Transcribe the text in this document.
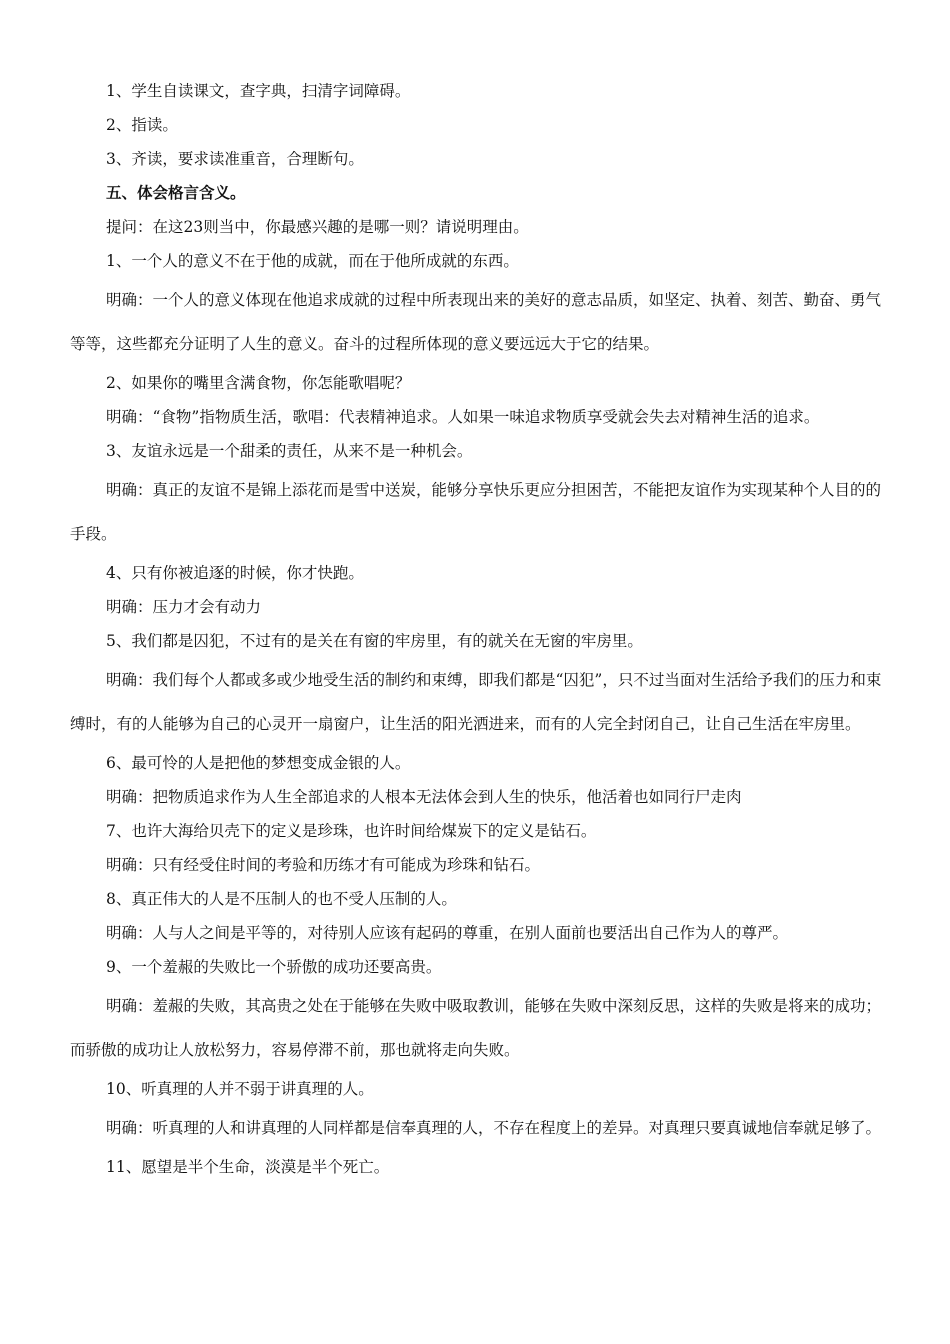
1、学生自读课文，查字典，扫清字词障碍。

2、指读。

3、齐读，要求读准重音，合理断句。

五、体会格言含义。

提问：在这23则当中，你最感兴趣的是哪一则？请说明理由。

1、一个人的意义不在于他的成就，而在于他所成就的东西。

明确：一个人的意义体现在他追求成就的过程中所表现出来的美好的意志品质，如坚定、执着、刻苦、勤奋、勇气等等，这些都充分证明了人生的意义。奋斗的过程所体现的意义要远远大于它的结果。

2、如果你的嘴里含满食物，你怎能歌唱呢？

明确：“食物”指物质生活，歌唱：代表精神追求。人如果一味追求物质享受就会失去对精神生活的追求。

3、友谊永远是一个甜柔的责任，从来不是一种机会。

明确：真正的友谊不是锦上添花而是雪中送炭，能够分享快乐更应分担困苦，不能把友谊作为实现某种个人目的的手段。

4、只有你被追逐的时候，你才快跑。

明确：压力才会有动力

5、我们都是囚犯，不过有的是关在有窗的牢房里，有的就关在无窗的牢房里。

明确：我们每个人都或多或少地受生活的制约和束缚，即我们都是“囚犯”，只不过当面对生活给予我们的压力和束缚时，有的人能够为自己的心灵开一扇窗户，让生活的阳光洒进来，而有的人完全封闭自己，让自己生活在牢房里。

6、最可怜的人是把他的梦想变成金银的人。

明确：把物质追求作为人生全部追求的人根本无法体会到人生的快乐，他活着也如同行尸走肉

7、也许大海给贝壳下的定义是珍珠，也许时间给煤炭下的定义是钻石。

明确：只有经受住时间的考验和历练才有可能成为珍珠和钻石。

8、真正伟大的人是不压制人的也不受人压制的人。

明确：人与人之间是平等的，对待别人应该有起码的尊重，在别人面前也要活出自己作为人的尊严。

9、一个羞赧的失败比一个骄傲的成功还要高贵。

明确：羞赧的失败，其高贵之处在于能够在失败中吸取教训，能够在失败中深刻反思，这样的失败是将来的成功；而骄傲的成功让人放松努力，容易停滞不前，那也就将走向失败。

10、听真理的人并不弱于讲真理的人。

明确：听真理的人和讲真理的人同样都是信奉真理的人，不存在程度上的差异。对真理只要真诚地信奉就足够了。

11、愿望是半个生命，淡漠是半个死亡。
